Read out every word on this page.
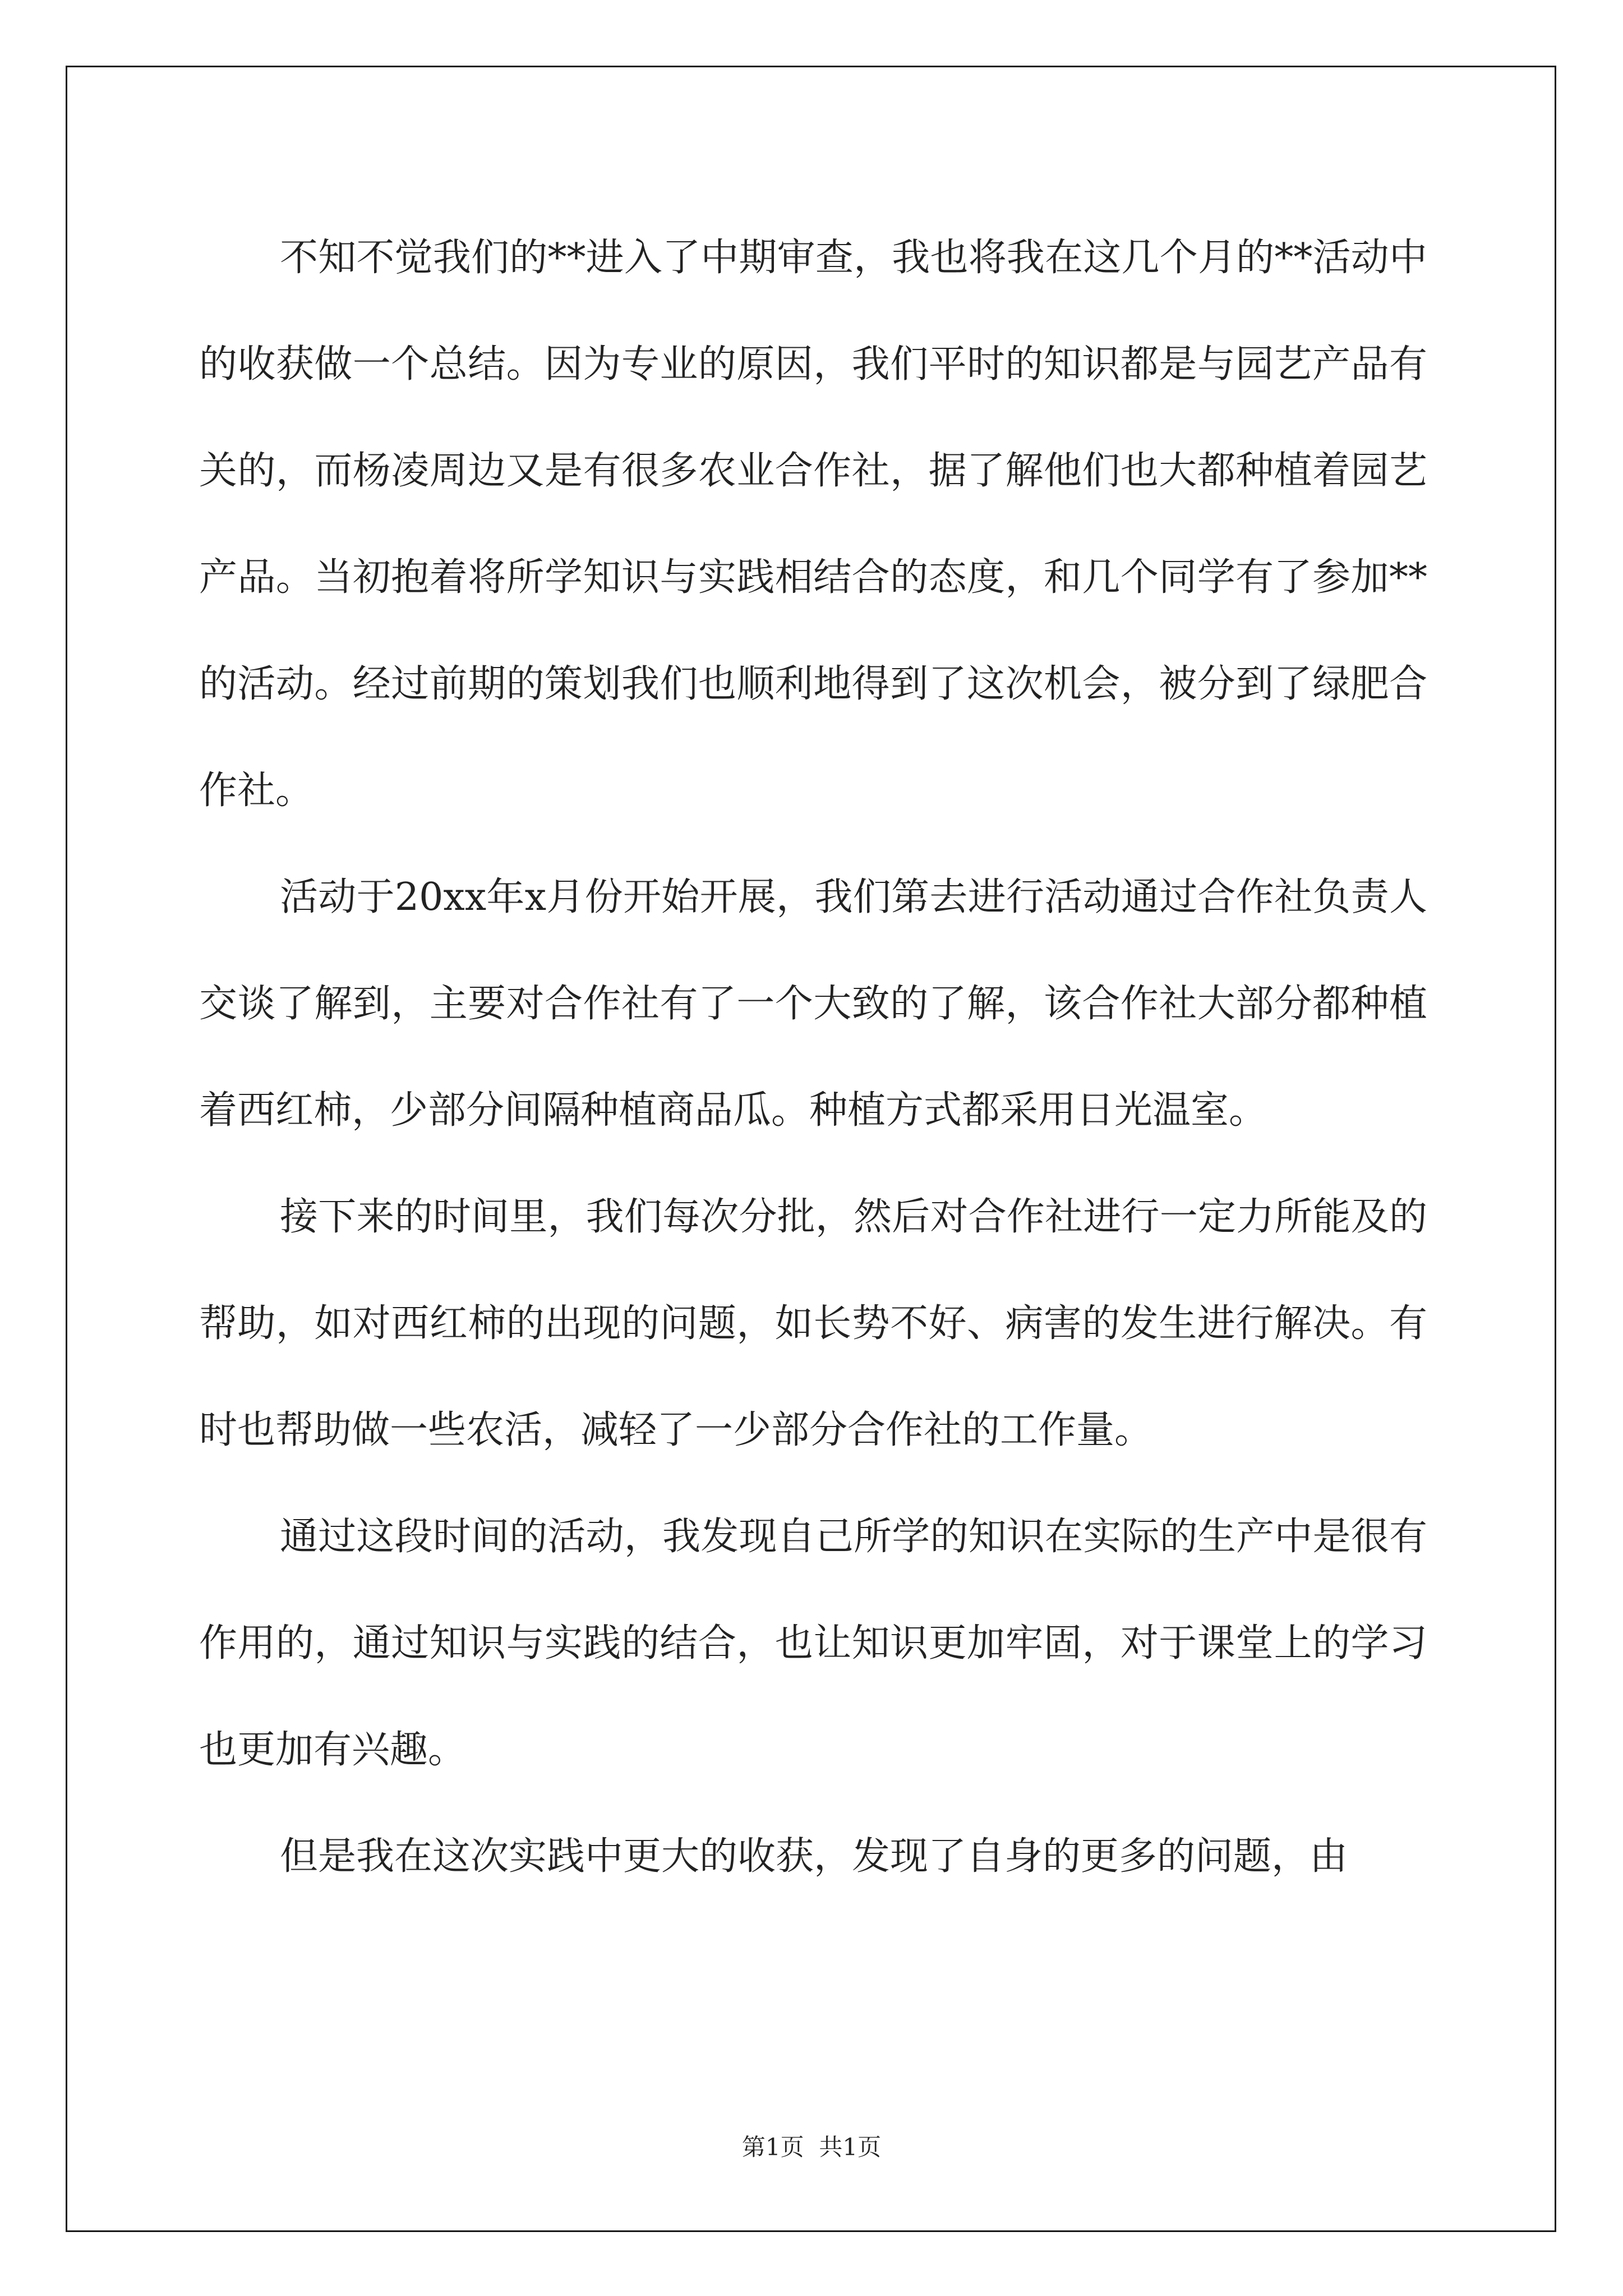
不知不觉我们的**进入了中期审查，我也将我在这几个月的**活动中的收获做一个总结。因为专业的原因，我们平时的知识都是与园艺产品有关的，而杨凌周边又是有很多农业合作社，据了解他们也大都种植着园艺产品。当初抱着将所学知识与实践相结合的态度，和几个同学有了参加**的活动。经过前期的策划我们也顺利地得到了这次机会，被分到了绿肥合作社。

活动于20xx年x月份开始开展，我们第去进行活动通过合作社负责人交谈了解到，主要对合作社有了一个大致的了解，该合作社大部分都种植着西红柿，少部分间隔种植商品瓜。种植方式都采用日光温室。

接下来的时间里，我们每次分批，然后对合作社进行一定力所能及的帮助，如对西红柿的出现的问题，如长势不好、病害的发生进行解决。有时也帮助做一些农活，减轻了一少部分合作社的工作量。

通过这段时间的活动，我发现自己所学的知识在实际的生产中是很有作用的，通过知识与实践的结合，也让知识更加牢固，对于课堂上的学习也更加有兴趣。

但是我在这次实践中更大的收获，发现了自身的更多的问题，由

第1页  共1页
